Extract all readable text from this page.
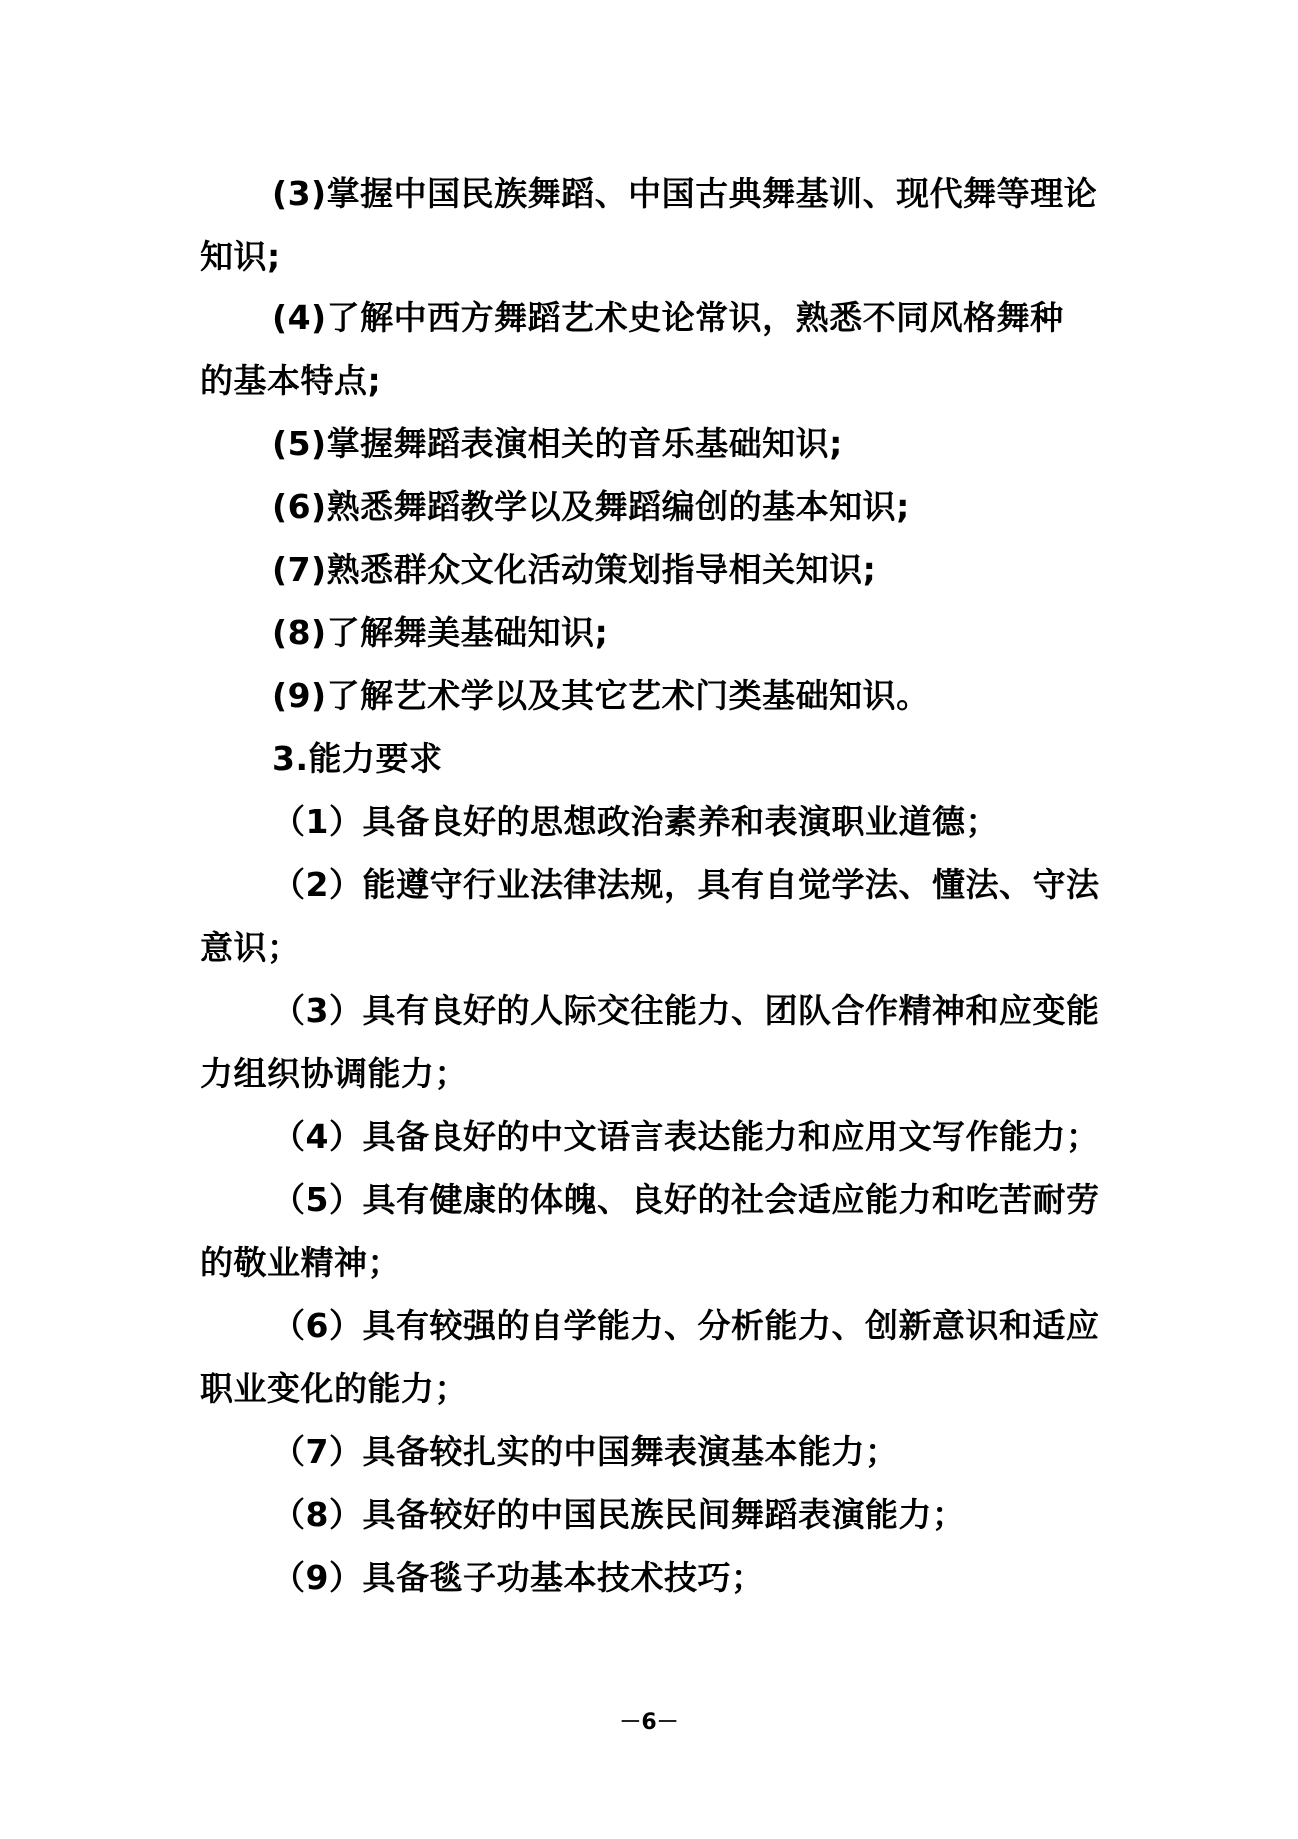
(3)掌握中国民族舞蹈、中国古典舞基训、现代舞等理论
知识;
(4)了解中西方舞蹈艺术史论常识，熟悉不同风格舞种
的基本特点;
(5)掌握舞蹈表演相关的音乐基础知识;
(6)熟悉舞蹈教学以及舞蹈编创的基本知识;
(7)熟悉群众文化活动策划指导相关知识;
(8)了解舞美基础知识;
(9)了解艺术学以及其它艺术门类基础知识。
3.能力要求
（1）具备良好的思想政治素养和表演职业道德；
（2）能遵守行业法律法规，具有自觉学法、懂法、守法
意识；
（3）具有良好的人际交往能力、团队合作精神和应变能
力组织协调能力；
（4）具备良好的中文语言表达能力和应用文写作能力；
（5）具有健康的体魄、良好的社会适应能力和吃苦耐劳
的敬业精神；
（6）具有较强的自学能力、分析能力、创新意识和适应
职业变化的能力；
（7）具备较扎实的中国舞表演基本能力；
（8）具备较好的中国民族民间舞蹈表演能力；
（9）具备毯子功基本技术技巧；
－6－
